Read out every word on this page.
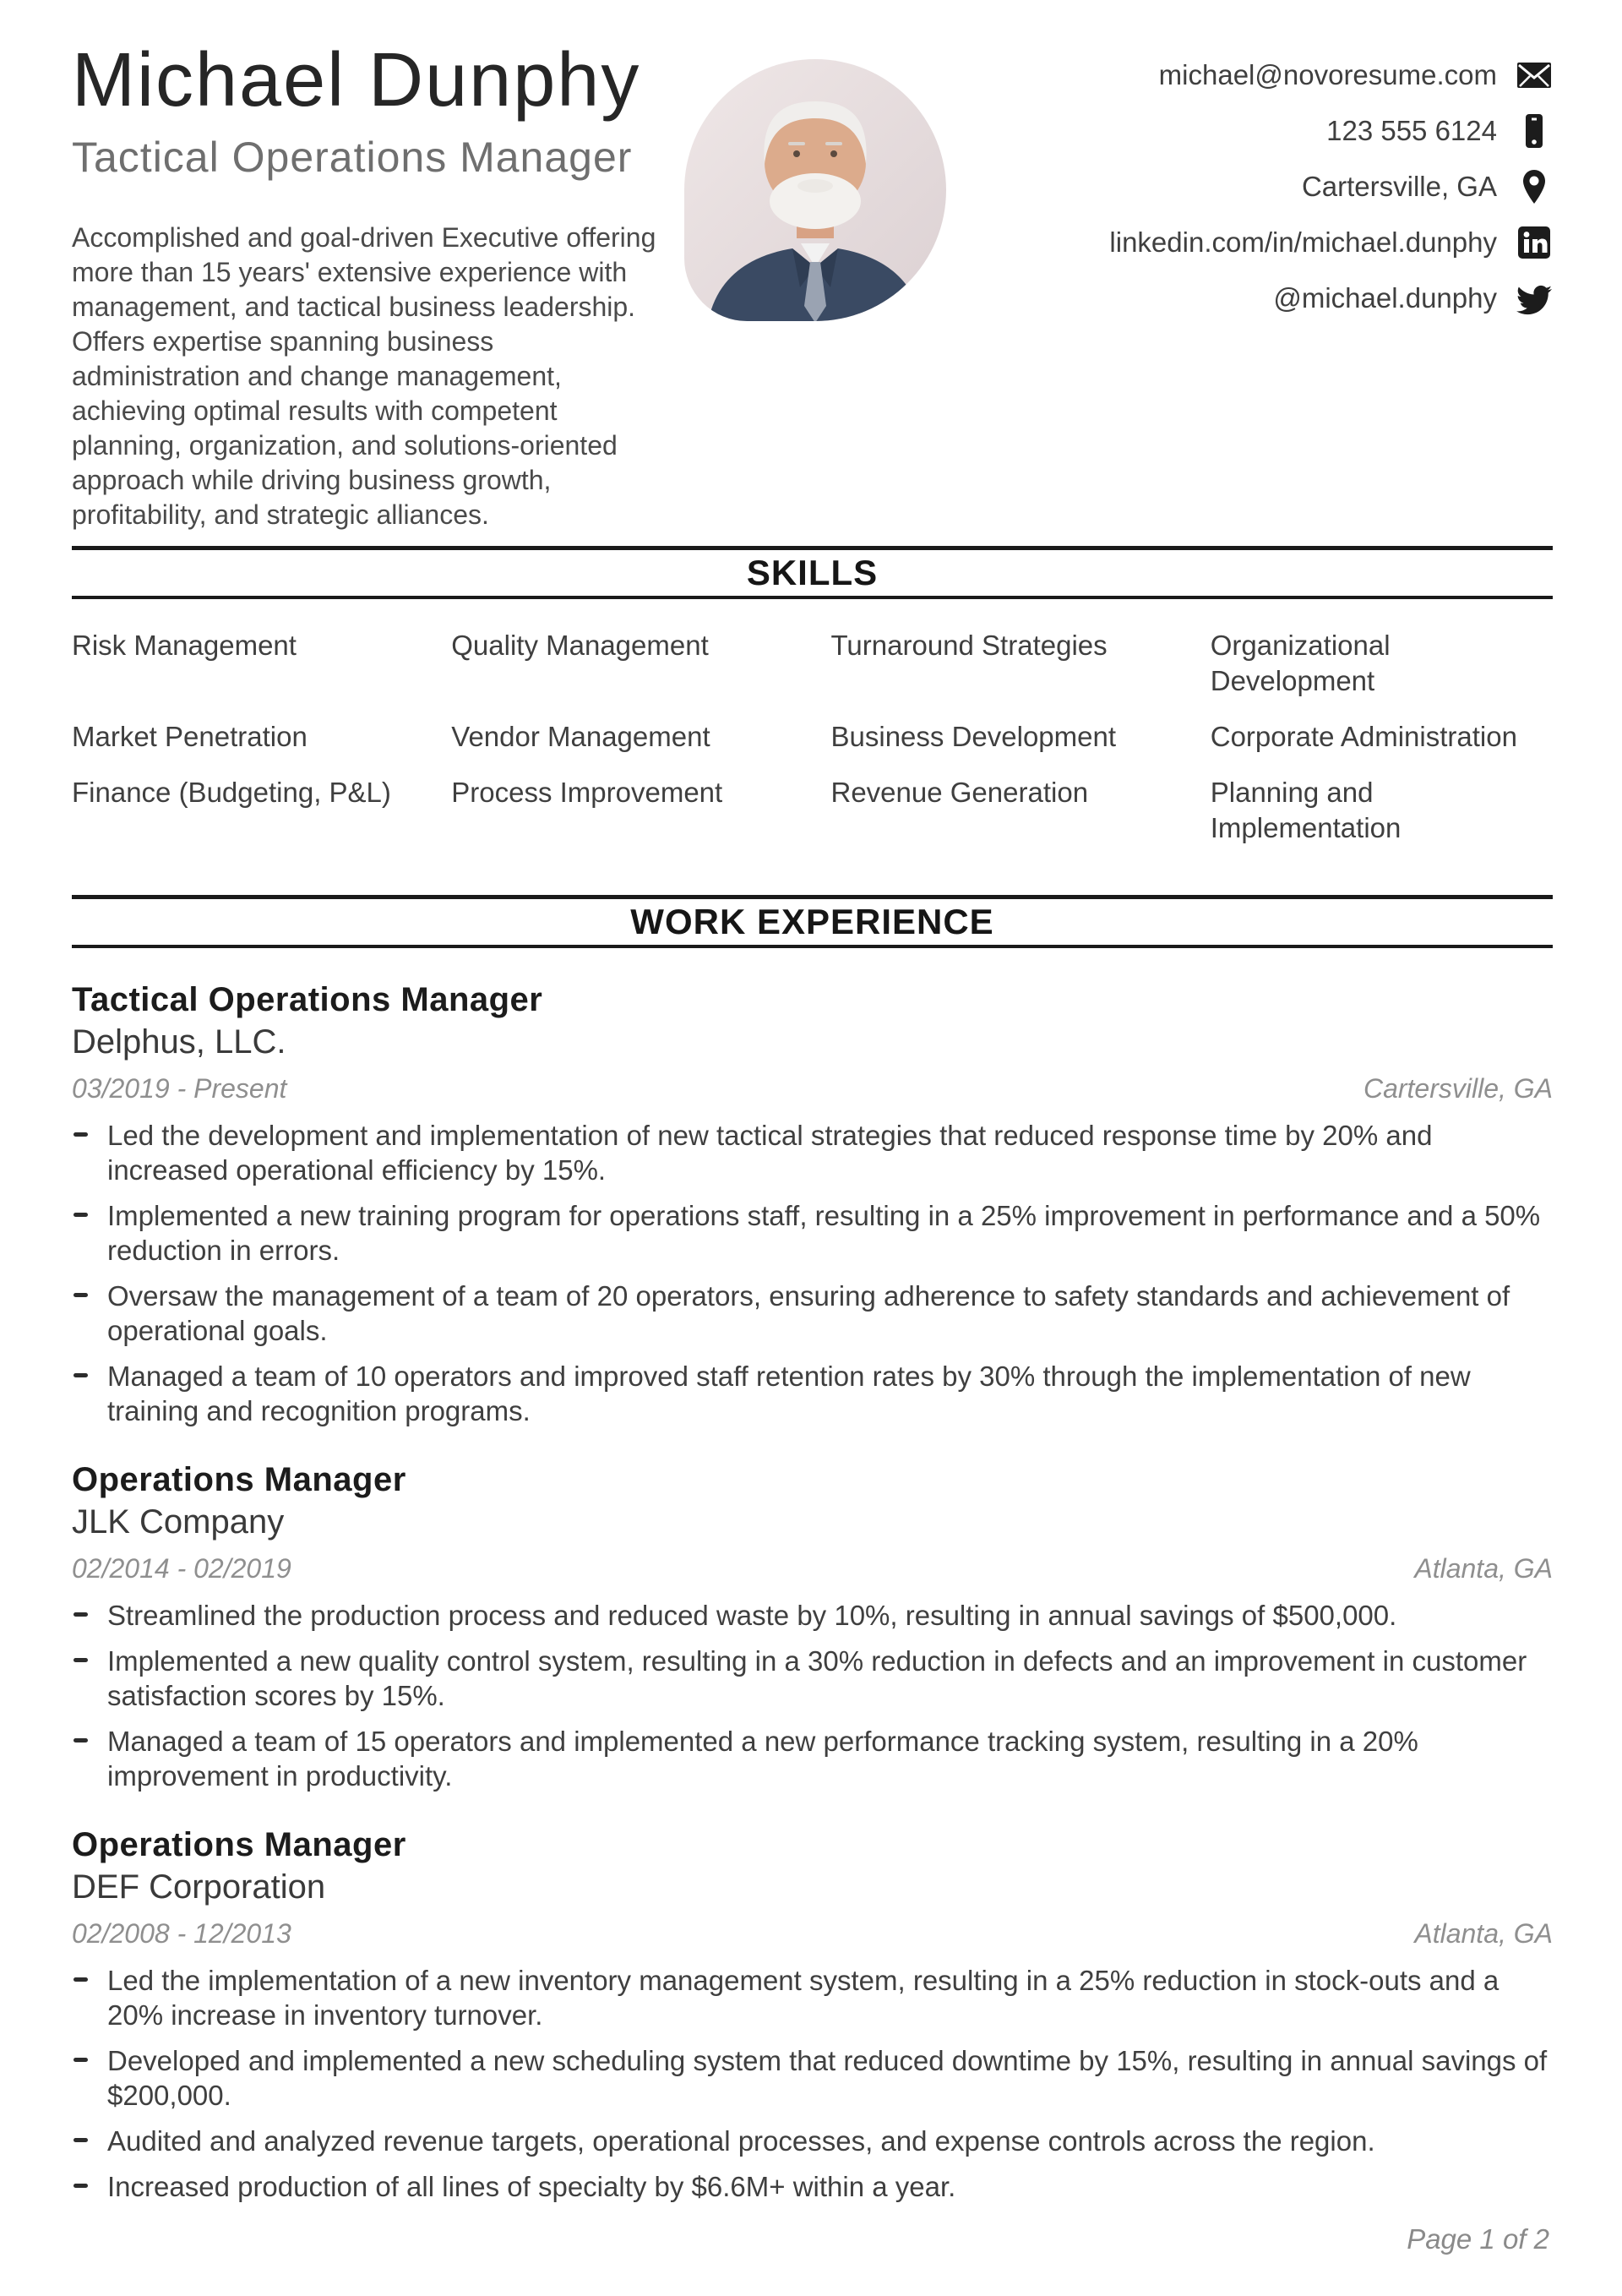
Michael Dunphy
Tactical Operations Manager
Accomplished and goal-driven Executive offering more than 15 years' extensive experience with management, and tactical business leadership. Offers expertise spanning business administration and change management, achieving optimal results with competent planning, organization, and solutions-oriented approach while driving business growth, profitability, and strategic alliances.
michael@novoresume.com
123 555 6124
Cartersville, GA
linkedin.com/in/michael.dunphy
@michael.dunphy
SKILLS
Risk Management	Quality Management	Turnaround Strategies	Organizational Development
Market Penetration	Vendor Management	Business Development	Corporate Administration
Finance (Budgeting, P&L)	Process Improvement	Revenue Generation	Planning and Implementation
WORK EXPERIENCE
Tactical Operations Manager
Delphus, LLC.
03/2019 - Present	Cartersville, GA
Led the development and implementation of new tactical strategies that reduced response time by 20% and increased operational efficiency by 15%.
Implemented a new training program for operations staff, resulting in a 25% improvement in performance and a 50% reduction in errors.
Oversaw the management of a team of 20 operators, ensuring adherence to safety standards and achievement of operational goals.
Managed a team of 10 operators and improved staff retention rates by 30% through the implementation of new training and recognition programs.
Operations Manager
JLK Company
02/2014 - 02/2019	Atlanta, GA
Streamlined the production process and reduced waste by 10%, resulting in annual savings of $500,000.
Implemented a new quality control system, resulting in a 30% reduction in defects and an improvement in customer satisfaction scores by 15%.
Managed a team of 15 operators and implemented a new performance tracking system, resulting in a 20% improvement in productivity.
Operations Manager
DEF Corporation
02/2008 - 12/2013	Atlanta, GA
Led the implementation of a new inventory management system, resulting in a 25% reduction in stock-outs and a 20% increase in inventory turnover.
Developed and implemented a new scheduling system that reduced downtime by 15%, resulting in annual savings of $200,000.
Audited and analyzed revenue targets, operational processes, and expense controls across the region.
Increased production of all lines of specialty by $6.6M+ within a year.
Page 1 of 2
